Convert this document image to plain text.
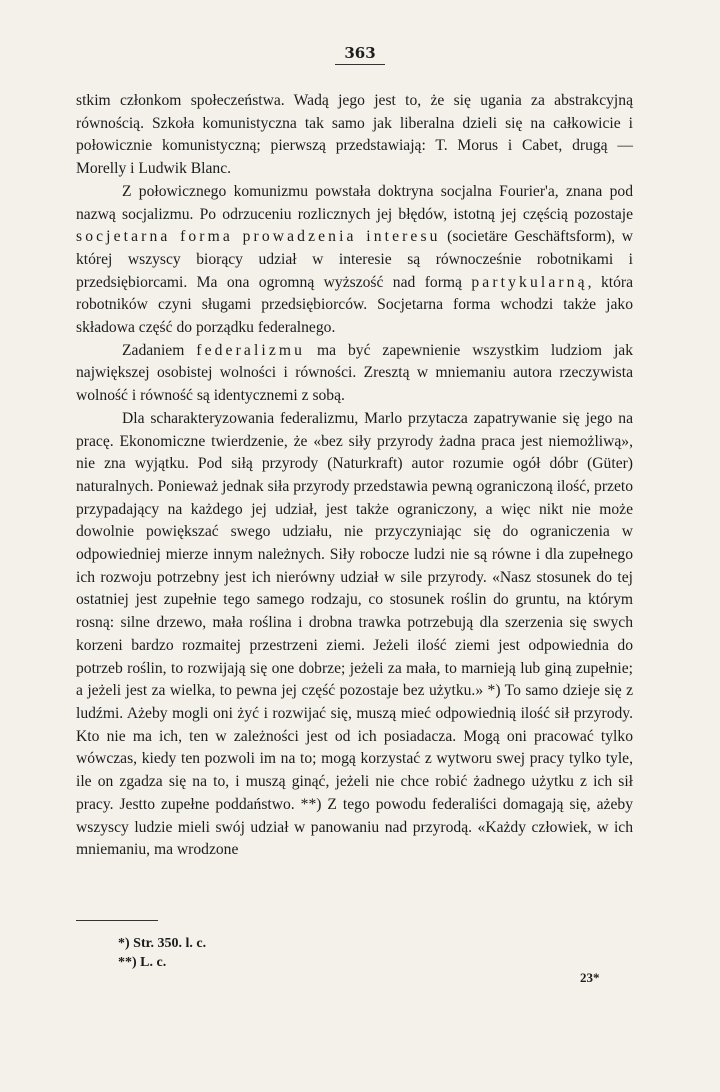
363

stkim członkom społeczeństwa. Wadą jego jest to, że się ugania za abstrakcyjną równością. Szkoła komunistyczna tak samo jak liberalna dzieli się na całkowicie i połowicznie komunistyczną; pierwszą przedstawiają: T. Morus i Cabet, drugą — Morelly i Ludwik Blanc.

Z połowicznego komunizmu powstała doktryna socjalna Fourier'a, znana pod nazwą socjalizmu. Po odrzuceniu rozlicznych jej błędów, istotną jej częścią pozostaje socjetarna forma prowadzenia interesu (societäre Geschäftsform), w której wszyscy biorący udział w interesie są równocześnie robotnikami i przedsiębiorcami. Ma ona ogromną wyższość nad formą partykularną, która robotników czyni sługami przedsiębiorców. Socjetarna forma wchodzi także jako składowa część do porządku federalnego.

Zadaniem federalizmu ma być zapewnienie wszystkim ludziom jak największej osobistej wolności i równości. Zresztą w mniemaniu autora rzeczywista wolność i równość są identycznemi z sobą.

Dla scharakteryzowania federalizmu, Marlo przytacza zapatrywanie się jego na pracę. Ekonomiczne twierdzenie, że «bez siły przyrody żadna praca jest niemożliwą», nie zna wyjątku. Pod siłą przyrody (Naturkraft) autor rozumie ogół dóbr (Güter) naturalnych. Ponieważ jednak siła przyrody przedstawia pewną ograniczoną ilość, przeto przypadający na każdego jej udział, jest także ograniczony, a więc nikt nie może dowolnie powiększać swego udziału, nie przyczyniając się do ograniczenia w odpowiedniej mierze innym należnych. Siły robocze ludzi nie są równe i dla zupełnego ich rozwoju potrzebny jest ich nierówny udział w sile przyrody. «Nasz stosunek do tej ostatniej jest zupełnie tego samego rodzaju, co stosunek roślin do gruntu, na którym rosną: silne drzewo, mała roślina i drobna trawka potrzebują dla szerzenia się swych korzeni bardzo rozmaitej przestrzeni ziemi. Jeżeli ilość ziemi jest odpowiednia do potrzeb roślin, to rozwijają się one dobrze; jeżeli za mała, to marnieją lub giną zupełnie; a jeżeli jest za wielka, to pewna jej część pozostaje bez użytku.» *) To samo dzieje się z ludźmi. Ażeby mogli oni żyć i rozwijać się, muszą mieć odpowiednią ilość sił przyrody. Kto nie ma ich, ten w zależności jest od ich posiadacza. Mogą oni pracować tylko wówczas, kiedy ten pozwoli im na to; mogą korzystać z wytworu swej pracy tylko tyle, ile on zgadza się na to, i muszą ginąć, jeżeli nie chce robić żadnego użytku z ich sił pracy. Jestto zupełne poddaństwo. **) Z tego powodu federaliści domagają się, ażeby wszyscy ludzie mieli swój udział w panowaniu nad przyrodą. «Każdy człowiek, w ich mniemaniu, ma wrodzone

*) Str. 350. l. c.
**) L. c.
23*
